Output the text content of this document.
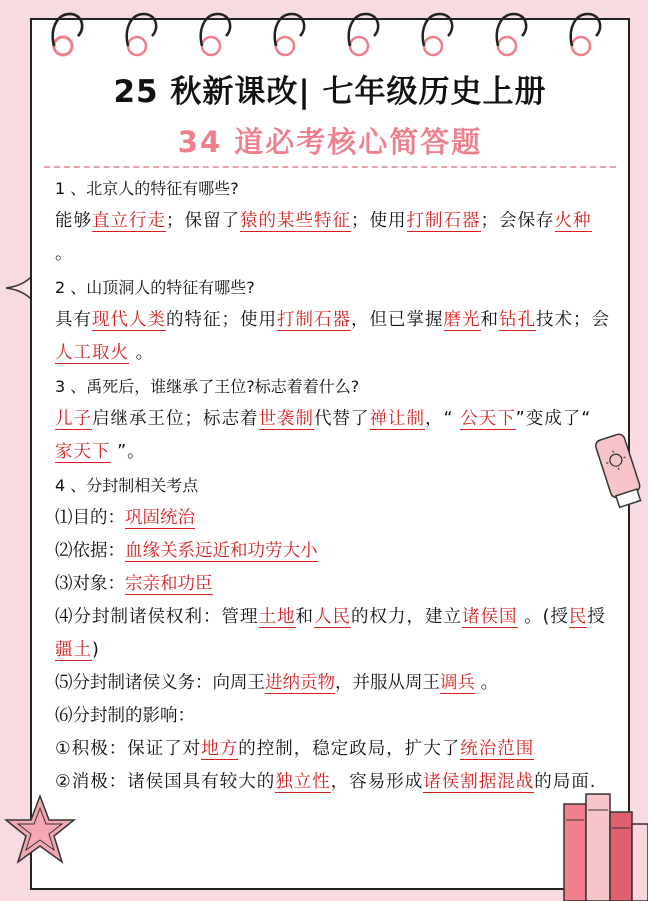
25 秋新课改| 七年级历史上册
34 道必考核心简答题

1 、北京人的特征有哪些?

能够直立行走；保留了猿的某些特征；使用打制石器；会保存火种 。

2 、山顶洞人的特征有哪些?

具有现代人类的特征；使用打制石器，但已掌握磨光和钻孔技术；会人工取火 。

3 、禹死后，谁继承了王位?标志着着什么?

儿子启继承王位；标志着世袭制代替了禅让制，“ 公天下”变成了“ 家天下 ”。

4 、分封制相关考点

⑴目的：巩固统治

⑵依据：血缘关系远近和功劳大小

⑶对象：宗亲和功臣

⑷分封制诸侯权利：管理土地和人民的权力，建立诸侯国 。(授民授疆土)

⑸分封制诸侯义务：向周王进纳贡物，并服从周王调兵 。

⑹分封制的影响：

①积极：保证了对地方的控制，稳定政局，扩大了统治范围

②消极：诸侯国具有较大的独立性，容易形成诸侯割据混战的局面.
